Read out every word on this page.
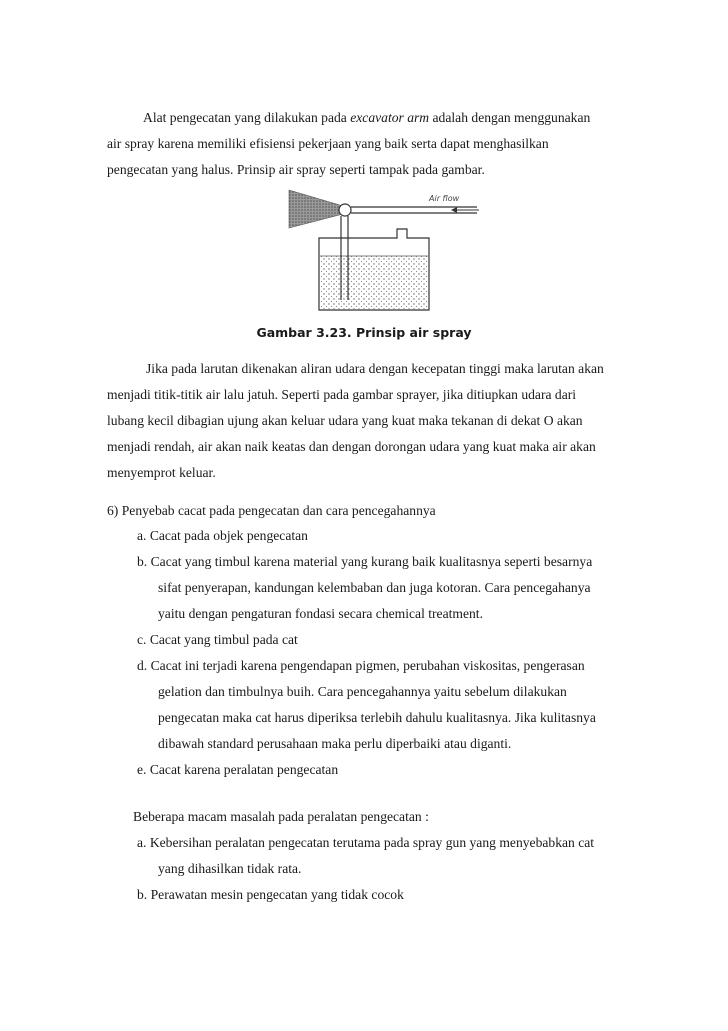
Alat pengecatan yang dilakukan pada excavator arm adalah dengan menggunakan
air spray karena memiliki efisiensi pekerjaan yang baik serta dapat menghasilkan
pengecatan yang halus. Prinsip air spray seperti tampak pada gambar.
Air flow
Gambar 3.23. Prinsip air spray
Jika pada larutan dikenakan aliran udara dengan kecepatan tinggi maka larutan akan
menjadi titik-titik air lalu jatuh. Seperti pada gambar sprayer, jika ditiupkan udara dari
lubang kecil dibagian ujung akan keluar udara yang kuat maka tekanan di dekat O akan
menjadi rendah, air akan naik keatas dan dengan dorongan udara yang kuat maka air akan
menyemprot keluar.
6) Penyebab cacat pada pengecatan dan cara pencegahannya
a. Cacat pada objek pengecatan
b. Cacat yang timbul karena material yang kurang baik kualitasnya seperti besarnya
sifat penyerapan, kandungan kelembaban dan juga kotoran. Cara pencegahanya
yaitu dengan pengaturan fondasi secara chemical treatment.
c. Cacat yang timbul pada cat
d. Cacat ini terjadi karena pengendapan pigmen, perubahan viskositas, pengerasan
gelation dan timbulnya buih. Cara pencegahannya yaitu sebelum dilakukan
pengecatan maka cat harus diperiksa terlebih dahulu kualitasnya. Jika kulitasnya
dibawah standard perusahaan maka perlu diperbaiki atau diganti.
e. Cacat karena peralatan pengecatan
Beberapa macam masalah pada peralatan pengecatan :
a. Kebersihan peralatan pengecatan terutama pada spray gun yang menyebabkan cat
yang dihasilkan tidak rata.
b. Perawatan mesin pengecatan yang tidak cocok
